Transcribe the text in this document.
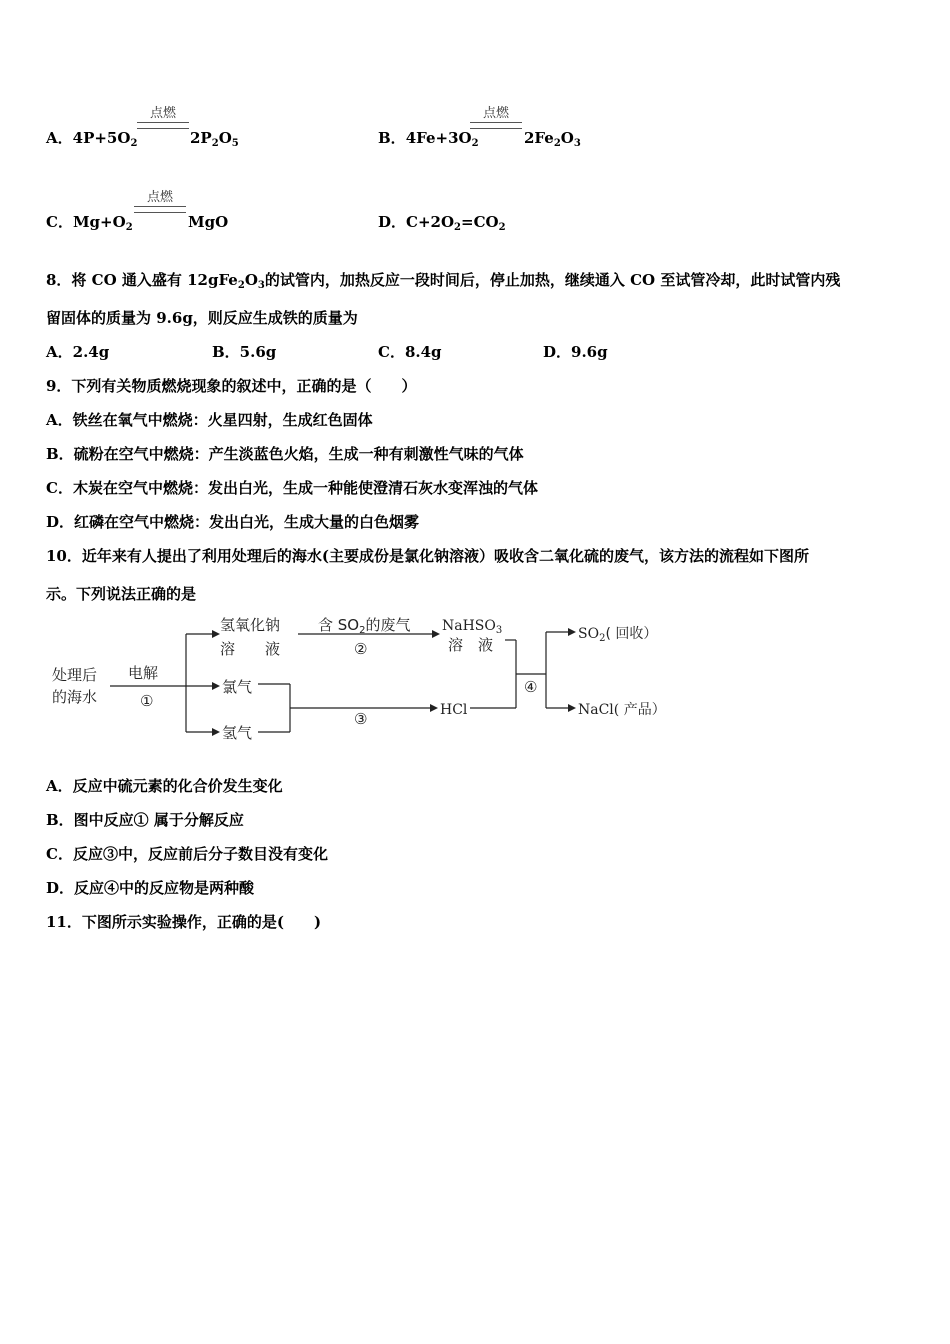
点燃
A．$4P+5O_2$	$2P_2O_5$
点燃
B．$4Fe+3O_2$	$2Fe_2O_3$
点燃
C．$Mg+O_2$	MgO	D．$C+2O_2=CO_2$
8．将 CO 通入盛有 $12gFe_2O_3$的试管内，加热反应一段时间后，停止加热，继续通入 CO 至试管冷却，此时试管内残
留固体的质量为 9.6g，则反应生成铁的质量为
A．2.4g	B．5.6g	C．8.4g	D．9.6g
9．下列有关物质燃烧现象的叙述中，正确的是（　　）
A．铁丝在氧气中燃烧：火星四射，生成红色固体
B．硫粉在空气中燃烧：产生淡蓝色火焰，生成一种有刺激性气味的气体
C．木炭在空气中燃烧：发出白光，生成一种能使澄清石灰水变浑浊的气体
D．红磷在空气中燃烧：发出白光，生成大量的白色烟雾
10．近年来有人提出了利用处理后的海水(主要成份是氯化钠溶液）吸收含二氧化硫的废气，该方法的流程如下图所
示。下列说法正确的是
处理后
的海水
电解
①
氢氧化钠
溶　　液
氯气
氢气
含 $SO_2$的废气
②
NaHSO$_3$
溶　液
③	HCl
④
$SO_2$( 回收）
NaCl( 产品）
A．反应中硫元素的化合价发生变化
B．图中反应① 属于分解反应
C．反应③中，反应前后分子数目没有变化
D．反应④中的反应物是两种酸
11．下图所示实验操作，正确的是(　　)
